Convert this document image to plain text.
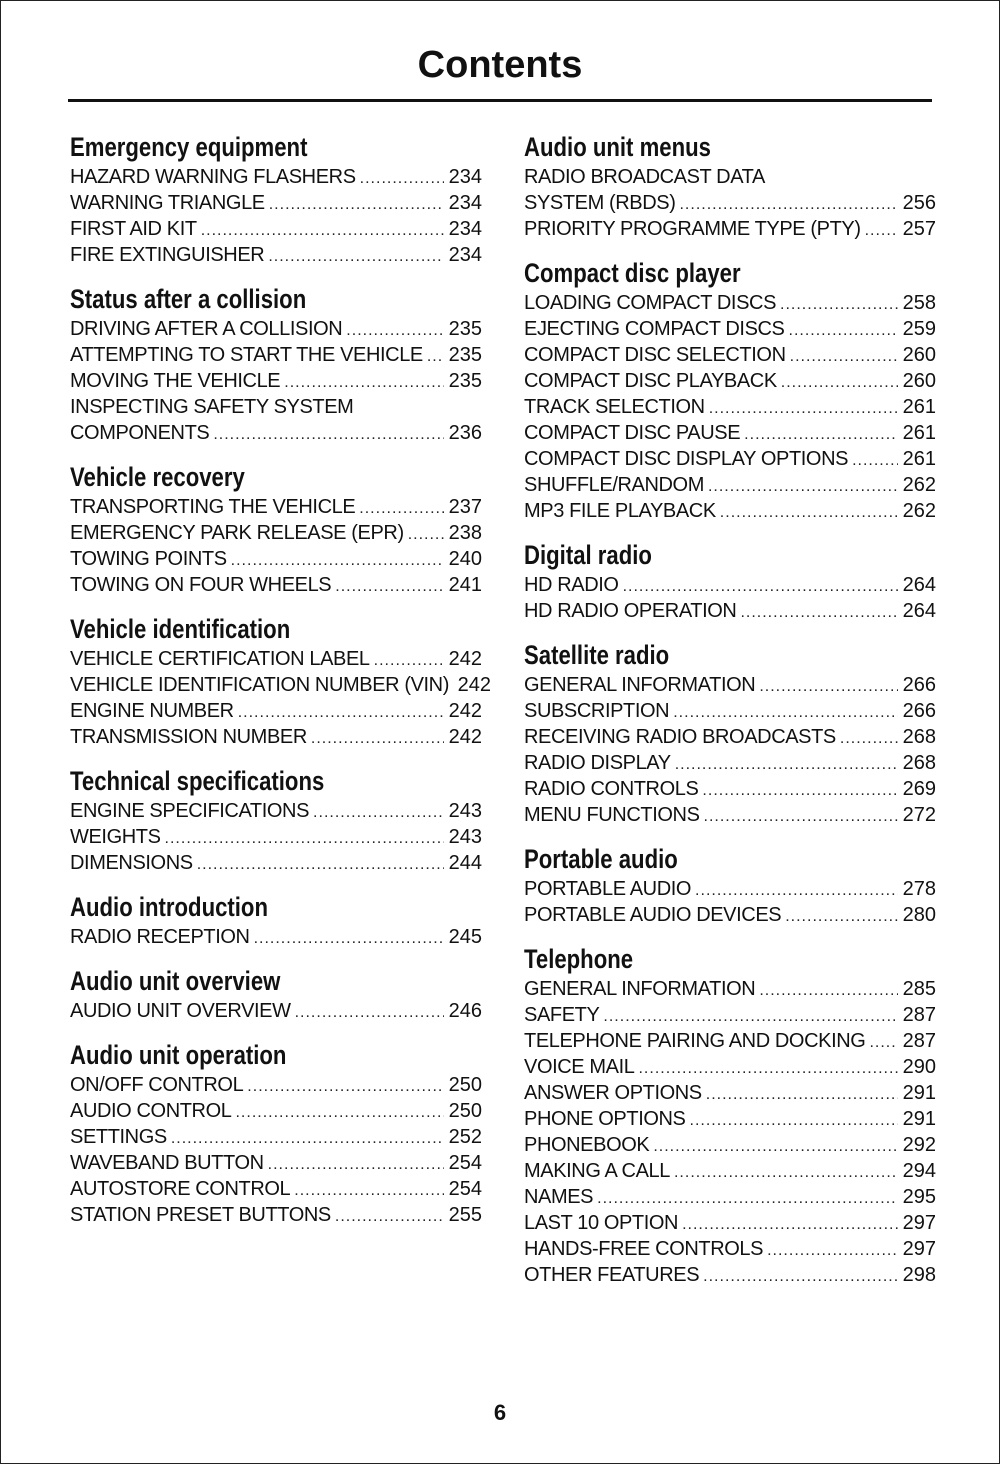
Contents
Emergency equipment
HAZARD WARNING FLASHERS .....	234
WARNING TRIANGLE .....	234
FIRST AID KIT .....	234
FIRE EXTINGUISHER .....	234
Status after a collision
DRIVING AFTER A COLLISION .....	235
ATTEMPTING TO START THE VEHICLE ..... 235
MOVING THE VEHICLE .....	235
INSPECTING SAFETY SYSTEM
COMPONENTS .....	236
Vehicle recovery
TRANSPORTING THE VEHICLE .....	237
EMERGENCY PARK RELEASE (EPR) ..... 238
TOWING POINTS .....	240
TOWING ON FOUR WHEELS .....	241
Vehicle identification
VEHICLE CERTIFICATION LABEL .....	242
VEHICLE IDENTIFICATION NUMBER (VIN) 242
ENGINE NUMBER .....	242
TRANSMISSION NUMBER .....	242
Technical specifications
ENGINE SPECIFICATIONS .....	243
WEIGHTS .....	243
DIMENSIONS .....	244
Audio introduction
RADIO RECEPTION .....	245
Audio unit overview
AUDIO UNIT OVERVIEW .....	246
Audio unit operation
ON/OFF CONTROL .....	250
AUDIO CONTROL .....	250
SETTINGS .....	252
WAVEBAND BUTTON .....	254
AUTOSTORE CONTROL .....	254
STATION PRESET BUTTONS .....	255
Audio unit menus
RADIO BROADCAST DATA
SYSTEM (RBDS) .....	256
PRIORITY PROGRAMME TYPE (PTY) ..... 257
Compact disc player
LOADING COMPACT DISCS .....	258
EJECTING COMPACT DISCS .....	259
COMPACT DISC SELECTION .....	260
COMPACT DISC PLAYBACK .....	260
TRACK SELECTION .....	261
COMPACT DISC PAUSE .....	261
COMPACT DISC DISPLAY OPTIONS .....	261
SHUFFLE/RANDOM .....	262
MP3 FILE PLAYBACK .....	262
Digital radio
HD RADIO .....	264
HD RADIO OPERATION .....	264
Satellite radio
GENERAL INFORMATION .....	266
SUBSCRIPTION .....	266
RECEIVING RADIO BROADCASTS .....	268
RADIO DISPLAY .....	268
RADIO CONTROLS .....	269
MENU FUNCTIONS .....	272
Portable audio
PORTABLE AUDIO .....	278
PORTABLE AUDIO DEVICES .....	280
Telephone
GENERAL INFORMATION .....	285
SAFETY .....	287
TELEPHONE PAIRING AND DOCKING ..... 287
VOICE MAIL .....	290
ANSWER OPTIONS .....	291
PHONE OPTIONS .....	291
PHONEBOOK .....	292
MAKING A CALL .....	294
NAMES .....	295
LAST 10 OPTION .....	297
HANDS-FREE CONTROLS .....	297
OTHER FEATURES .....	298
6
